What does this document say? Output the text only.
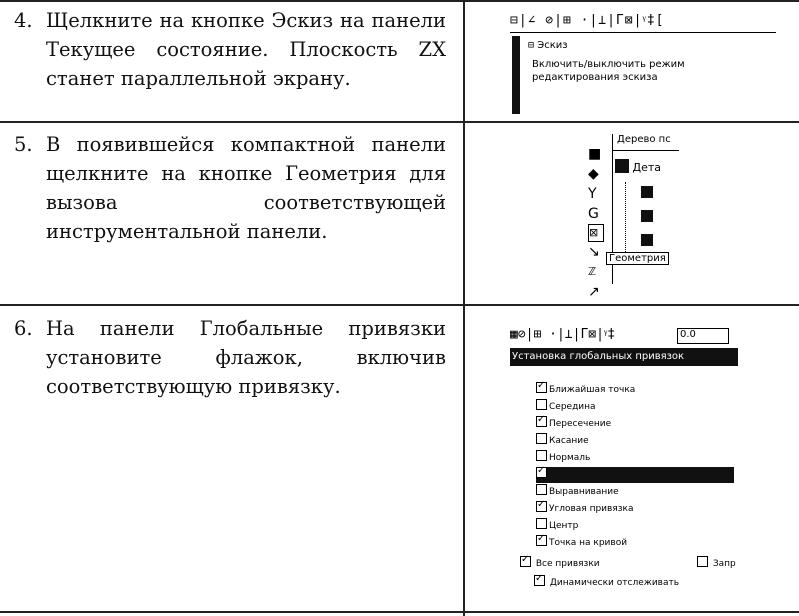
4. Щелкните на кнопке Эскиз на панели Текущее состояние. Плоскость ZX станет параллельной экрану.
5. В появившейся компактной панели щелкните на кнопке Геометрия для вызова соответствующей инструментальной панели.
6. На панели Глобальные привязки установите флажок, включив соответствующую привязку.
⊟|∠ ⊘|⊞ ·|⊥|Г⊠|ᵞ‡[
⊟ Эскиз
Включить/выключить режим
редактирования эскиза
■
◆
Y
G
⊠
↘
ℤ
↗
Дерево пс
Дета
Геометрия
▦⊘|⊞ ·|⊥|Г⊠|ᵞ‡	0.0
Установка глобальных привязок
✓Ближайшая точка
Середина
✓Пересечение
Касание
Нормаль
✓
Выравнивание
✓Угловая привязка
Центр
✓Точка на кривой
✓ Все привязки	Запр
✓ Динамически отслеживать
